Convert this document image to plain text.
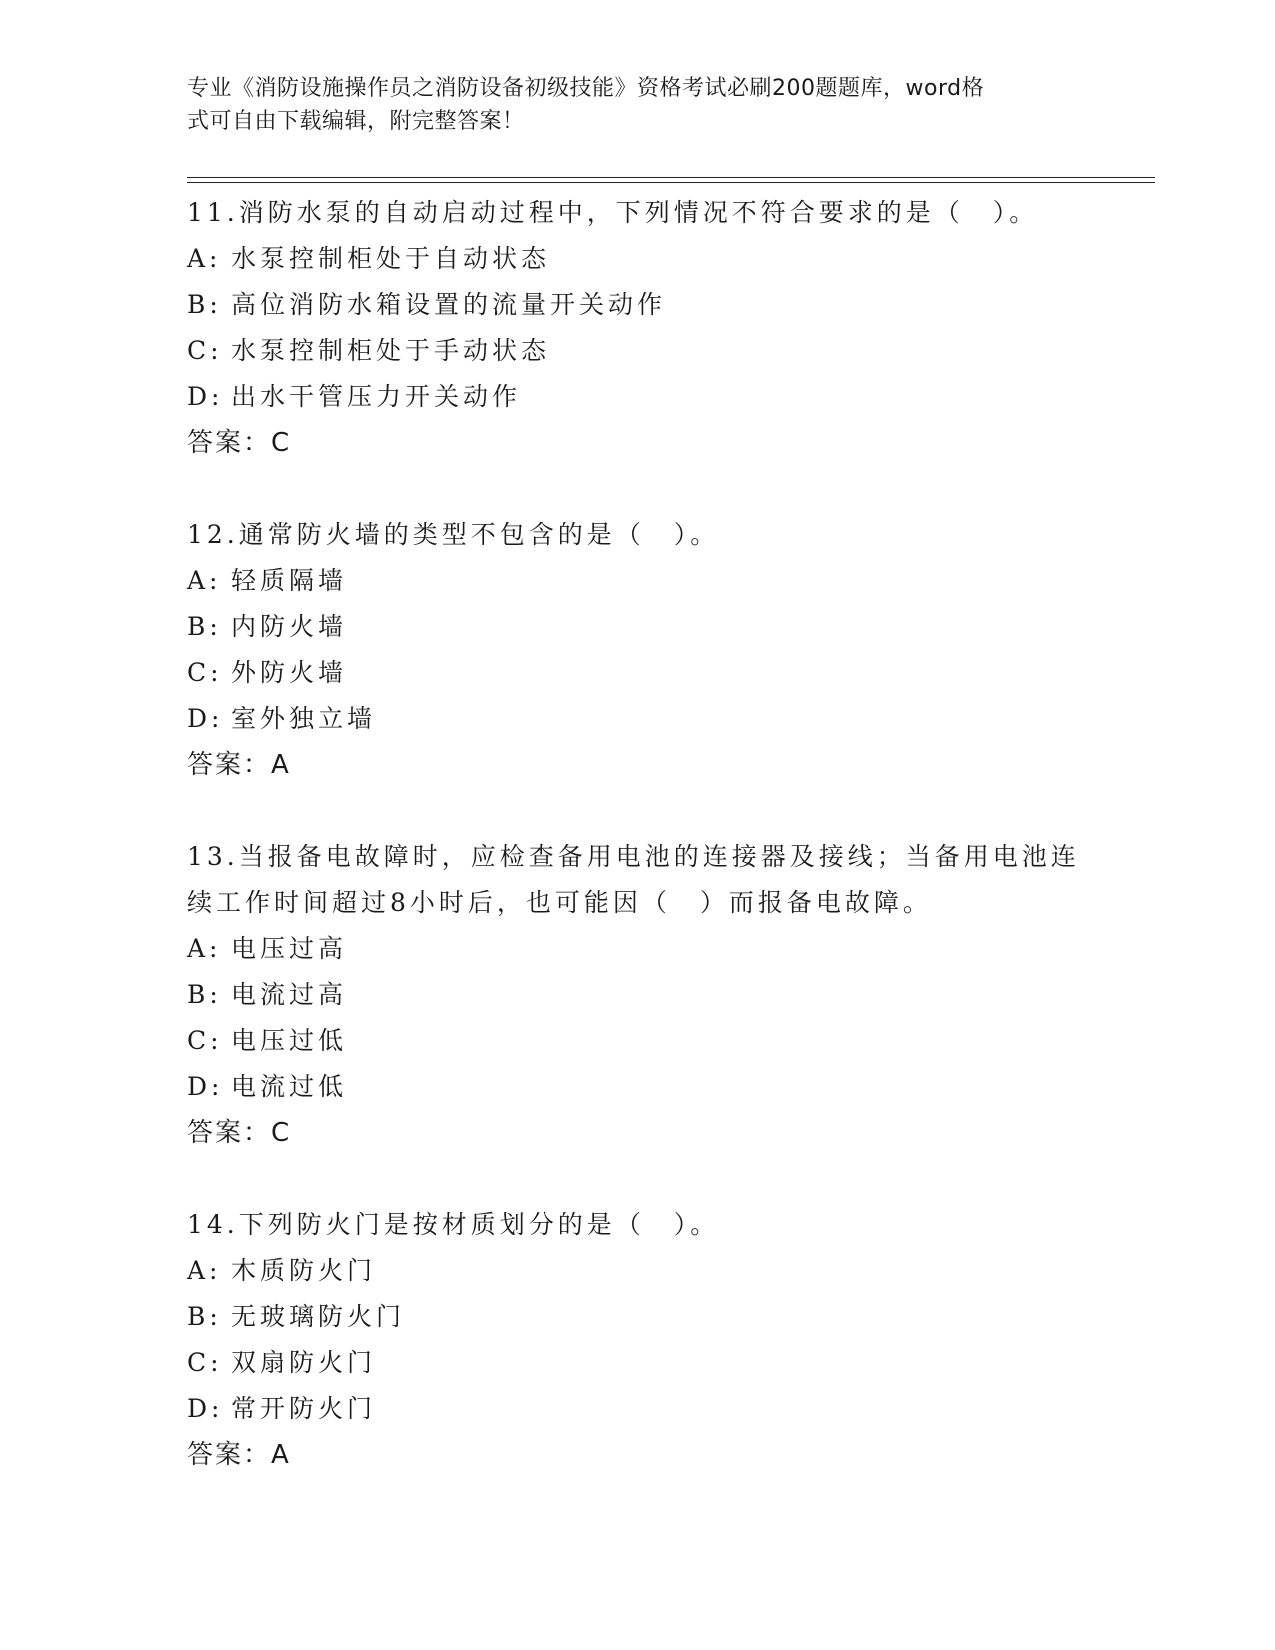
专业《消防设施操作员之消防设备初级技能》资格考试必刷200题题库，word格
式可自由下载编辑，附完整答案！

11.消防水泵的自动启动过程中，下列情况不符合要求的是（　）。

A: 水泵控制柜处于自动状态

B: 高位消防水箱设置的流量开关动作

C: 水泵控制柜处于手动状态

D: 出水干管压力开关动作

答案：C

12.通常防火墙的类型不包含的是（　）。

A: 轻质隔墙

B: 内防火墙

C: 外防火墙

D: 室外独立墙

答案：A

13.当报备电故障时，应检查备用电池的连接器及接线；当备用电池连续工作时间超过8小时后，也可能因（　）而报备电故障。

A: 电压过高

B: 电流过高

C: 电压过低

D: 电流过低

答案：C

14.下列防火门是按材质划分的是（　）。

A: 木质防火门

B: 无玻璃防火门

C: 双扇防火门

D: 常开防火门

答案：A
